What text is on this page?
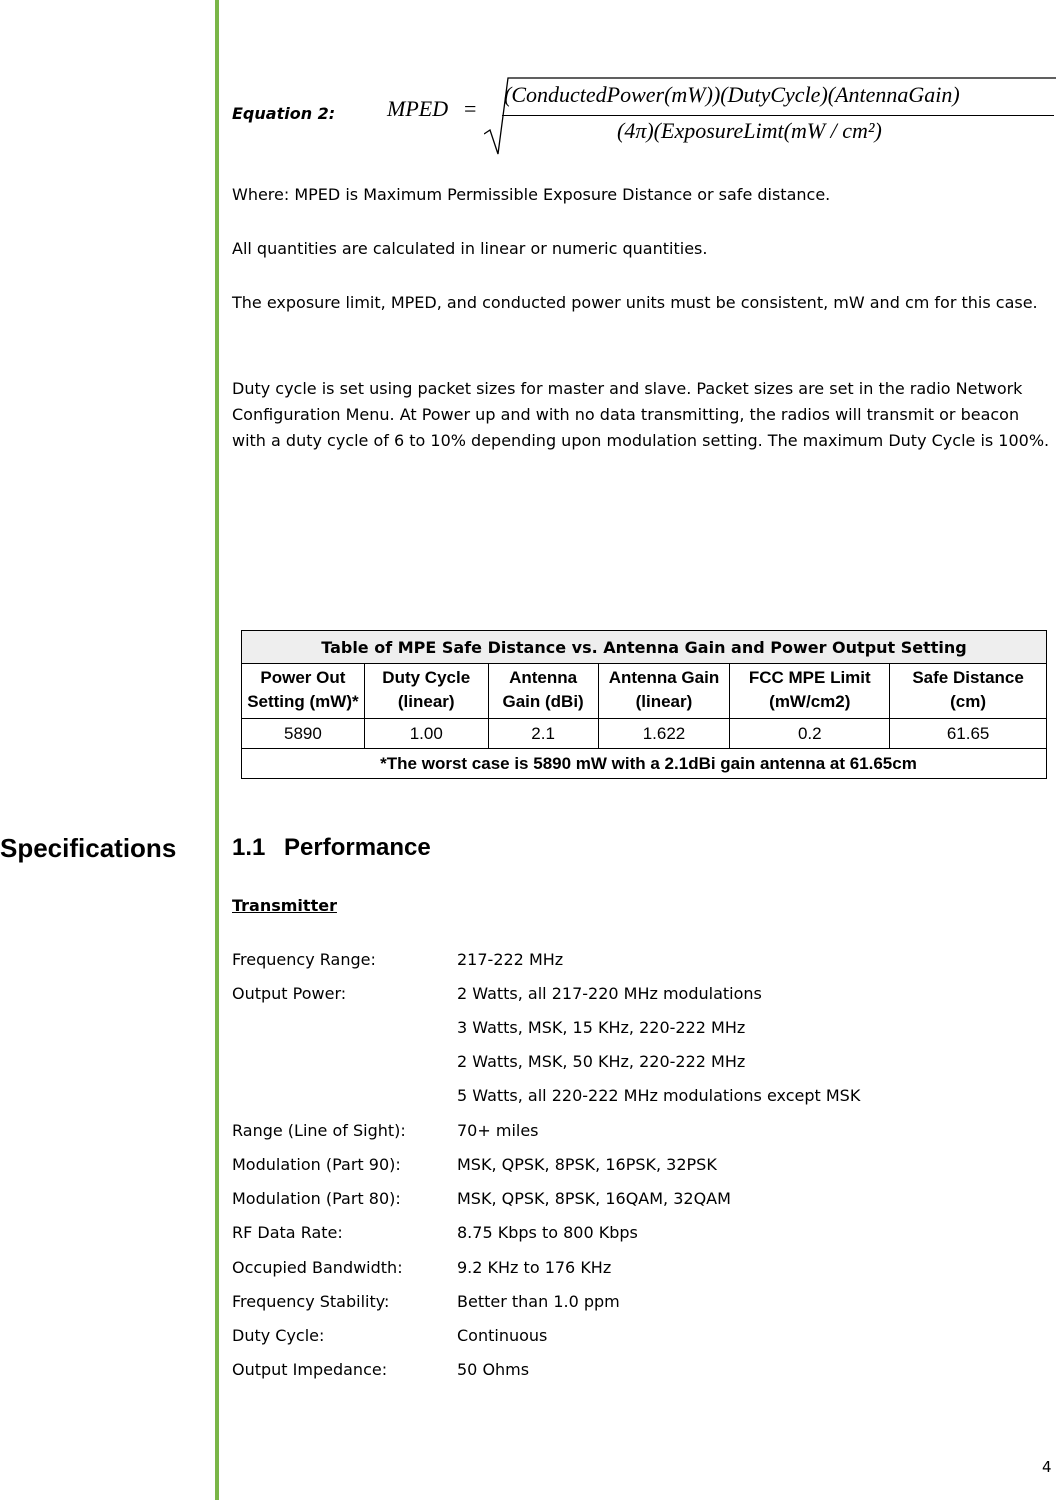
Specifications
Equation 2: MPED =
(ConductedPower(mW))(DutyCycle)(AntennaGain)
(4π)(ExposureLimt(mW / cm²)

Where: MPED is Maximum Permissible Exposure Distance or safe distance.

All quantities are calculated in linear or numeric quantities.

The exposure limit, MPED, and conducted power units must be consistent, mW and cm for this case.

Duty cycle is set using packet sizes for master and slave. Packet sizes are set in the radio Network Configuration Menu. At Power up and with no data transmitting, the radios will transmit or beacon with a duty cycle of 6 to 10% depending upon modulation setting. The maximum Duty Cycle is 100%.

Table of MPE Safe Distance vs. Antenna Gain and Power Output Setting					
Power Out Setting (mW)*	Duty Cycle (linear)	Antenna Gain (dBi)	Antenna Gain (linear)	FCC MPE Limit (mW/cm2)	Safe Distance (cm)
5890	1.00	2.1	1.622	0.2	61.65
*The worst case is 5890 mW with a 2.1dBi gain antenna at 61.65cm					
1.1 Performance
Transmitter
Frequency Range:	217-222 MHz
Output Power:	2 Watts, all 217-220 MHz modulations
3 Watts, MSK, 15 KHz, 220-222 MHz
2 Watts, MSK, 50 KHz, 220-222 MHz
5 Watts, all 220-222 MHz modulations except MSK
Range (Line of Sight):	70+ miles
Modulation (Part 90):	MSK, QPSK, 8PSK, 16PSK, 32PSK
Modulation (Part 80):	MSK, QPSK, 8PSK, 16QAM, 32QAM
RF Data Rate:	8.75 Kbps to 800 Kbps
Occupied Bandwidth:	9.2 KHz to 176 KHz
Frequency Stability:	Better than 1.0 ppm
Duty Cycle:	Continuous
Output Impedance:	50 Ohms
4
